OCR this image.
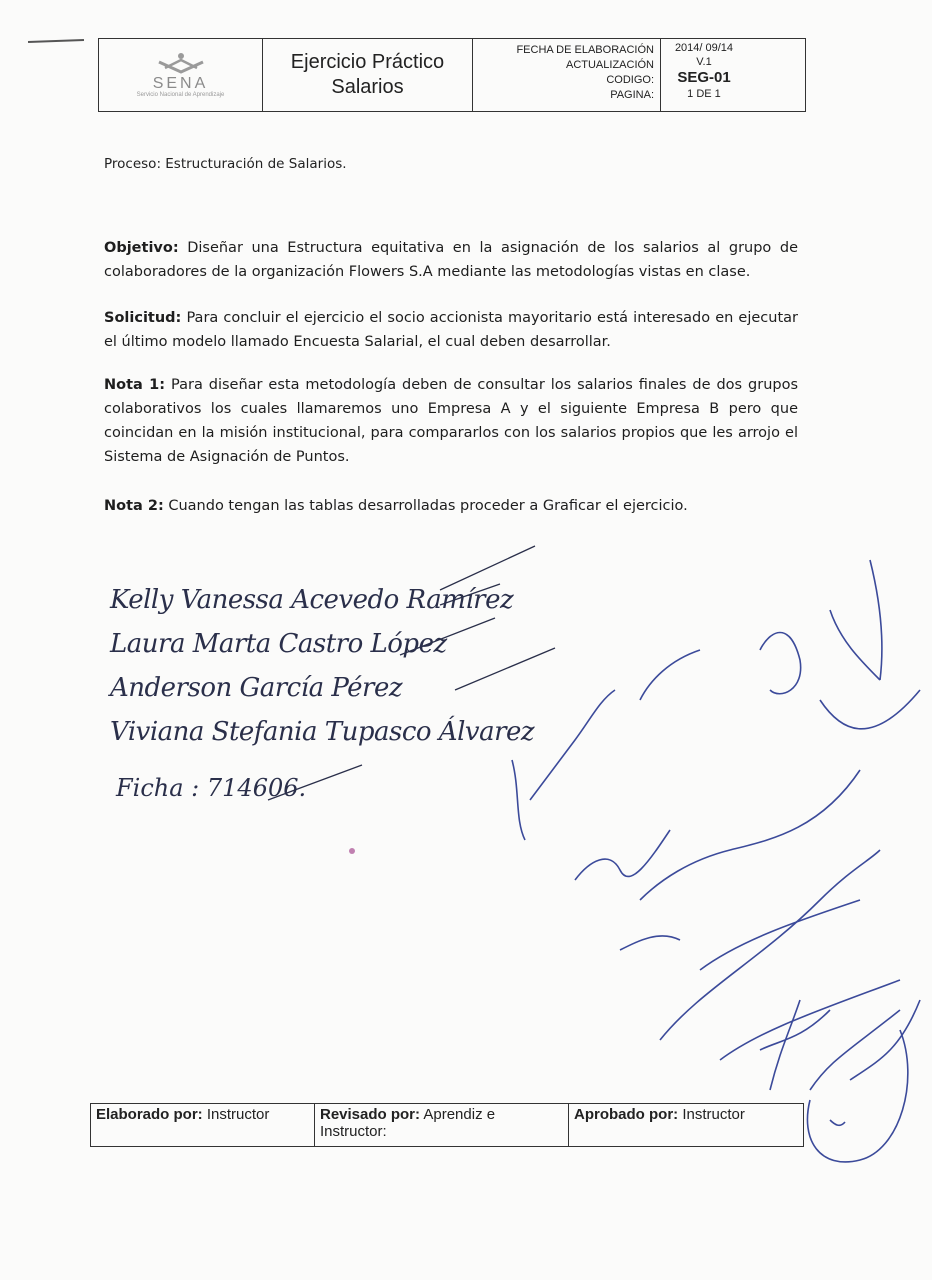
SENA
Servicio Nacional de Aprendizaje
Ejercicio Práctico
Salarios
FECHA DE ELABORACIÓN
ACTUALIZACIÓN
CODIGO:
PAGINA:
2014/ 09/14
V.1
SEG-01
1 DE 1
Proceso: Estructuración de Salarios.
Objetivo: Diseñar una Estructura equitativa en la asignación de los salarios al grupo de colaboradores de la organización Flowers S.A mediante las metodologías vistas en clase.
Solicitud: Para concluir el ejercicio el socio accionista mayoritario está interesado en ejecutar el último modelo llamado Encuesta Salarial, el cual deben desarrollar.
Nota 1: Para diseñar esta metodología deben de consultar los salarios finales de dos grupos colaborativos los cuales llamaremos uno Empresa A y el siguiente Empresa B pero que coincidan en la misión institucional, para compararlos con los salarios propios que les arrojo el Sistema de Asignación de Puntos.
Nota 2: Cuando tengan las tablas desarrolladas proceder a Graficar el ejercicio.
Kelly Vanessa Acevedo Ramírez
Laura Marta Castro López
Anderson García Pérez
Viviana Stefania Tupasco Álvarez
Ficha : 714606.
Elaborado por: Instructor	Revisado por: Aprendiz e Instructor:
Aprobado por: Instructor
